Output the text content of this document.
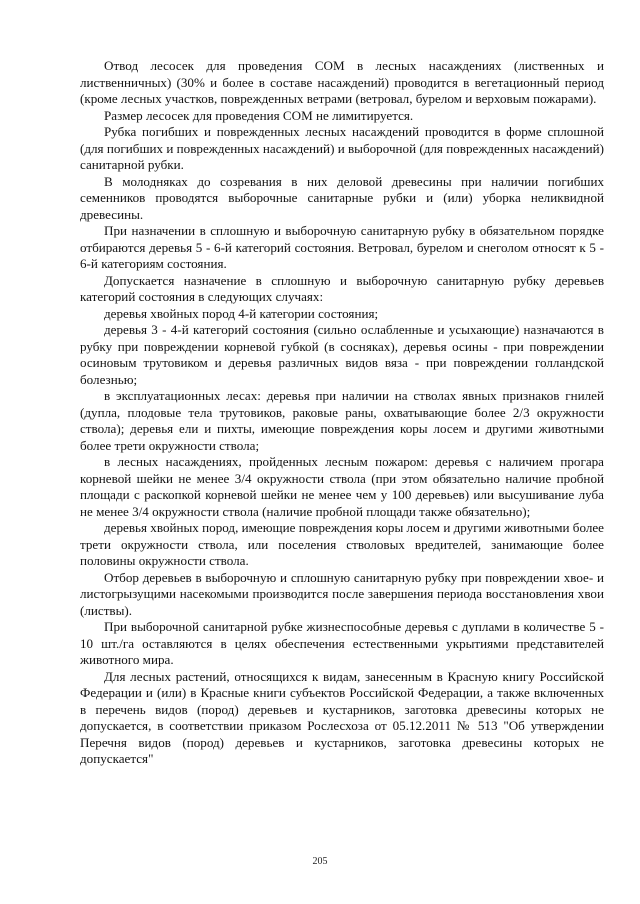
Отвод лесосек для проведения СОМ в лесных насаждениях (лиственных и лиственничных) (30% и более в составе насаждений) проводится в вегетационный период (кроме лесных участков, поврежденных ветрами (ветровал, бурелом и верховым пожарами).

Размер лесосек для проведения СОМ не лимитируется.

Рубка погибших и поврежденных лесных насаждений проводится в форме сплошной (для погибших и поврежденных насаждений) и выборочной (для поврежденных насаждений) санитарной рубки.

В молодняках до созревания в них деловой древесины при наличии погибших семенников проводятся выборочные санитарные рубки и (или) уборка неликвидной древесины.

При назначении в сплошную и выборочную санитарную рубку в обязательном порядке отбираются деревья 5 - 6-й категорий состояния. Ветровал, бурелом и снеголом относят к 5 - 6-й категориям состояния.

Допускается назначение в сплошную и выборочную санитарную рубку деревьев категорий состояния в следующих случаях:

деревья хвойных пород 4-й категории состояния;

деревья 3 - 4-й категорий состояния (сильно ослабленные и усыхающие) назначаются в рубку при повреждении корневой губкой (в сосняках), деревья осины - при повреждении осиновым трутовиком и деревья различных видов вяза - при повреждении голландской болезнью;

в эксплуатационных лесах: деревья при наличии на стволах явных признаков гнилей (дупла, плодовые тела трутовиков, раковые раны, охватывающие более 2/3 окружности ствола); деревья ели и пихты, имеющие повреждения коры лосем и другими животными более трети окружности ствола;

в лесных насаждениях, пройденных лесным пожаром: деревья с наличием прогара корневой шейки не менее 3/4 окружности ствола (при этом обязательно наличие пробной площади с раскопкой корневой шейки не менее чем у 100 деревьев) или высушивание луба не менее 3/4 окружности ствола (наличие пробной площади также обязательно);

деревья хвойных пород, имеющие повреждения коры лосем и другими животными более трети окружности ствола, или поселения стволовых вредителей, занимающие более половины окружности ствола.

Отбор деревьев в выборочную и сплошную санитарную рубку при повреждении хвое- и листогрызущими насекомыми производится после завершения периода восстановления хвои (листвы).

При выборочной санитарной рубке жизнеспособные деревья с дуплами в количестве 5 - 10 шт./га оставляются в целях обеспечения естественными укрытиями представителей животного мира.

Для лесных растений, относящихся к видам, занесенным в Красную книгу Российской Федерации и (или) в Красные книги субъектов Российской Федерации, а также включенных в перечень видов (пород) деревьев и кустарников, заготовка древесины которых не допускается, в соответствии приказом Рослесхоза от 05.12.2011 № 513 "Об утверждении Перечня видов (пород) деревьев и кустарников, заготовка древесины которых не допускается"

205
